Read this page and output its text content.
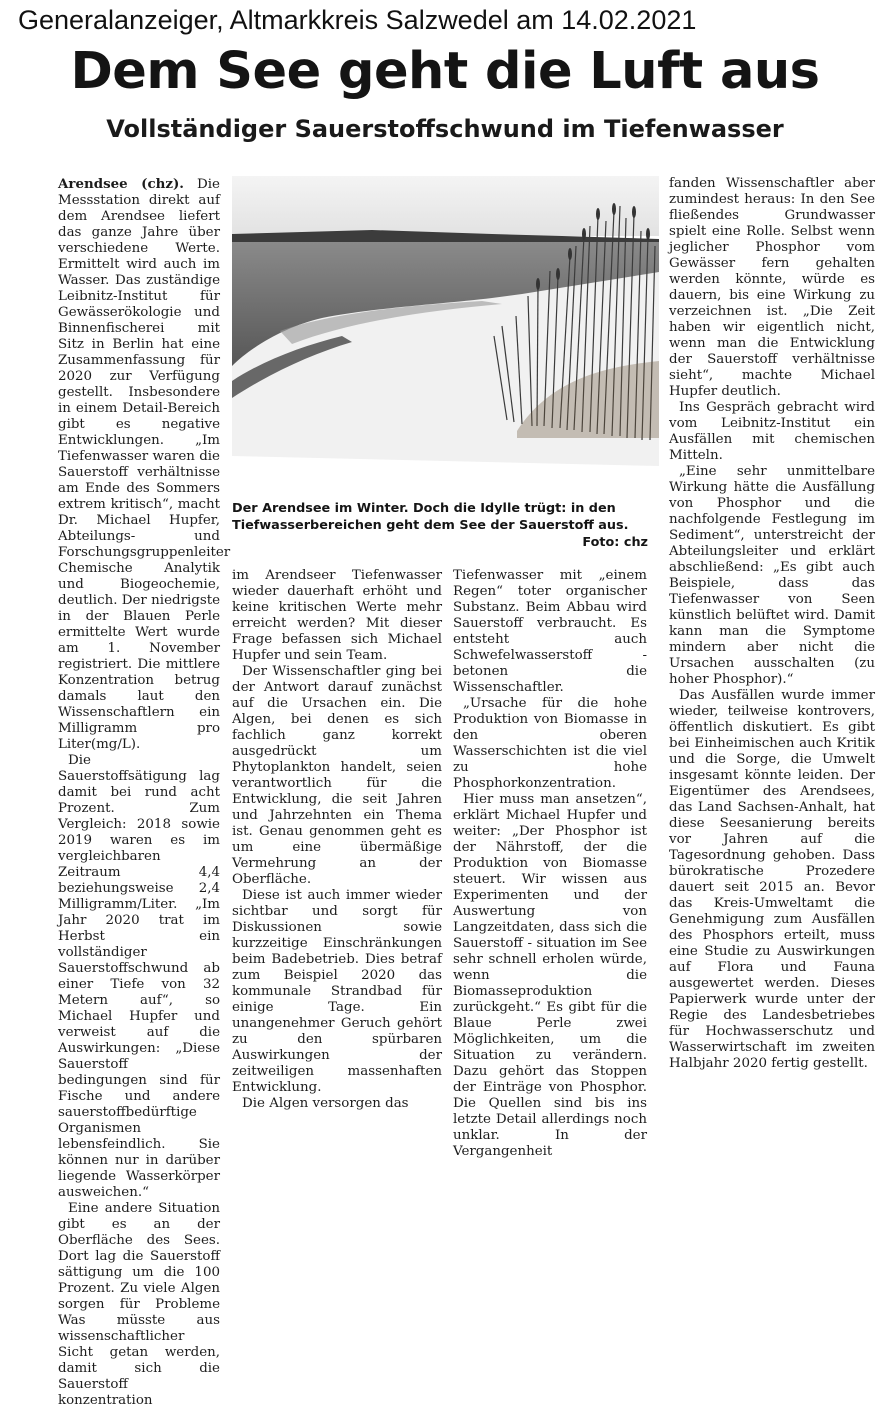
Generalanzeiger, Altmarkkreis Salzwedel am 14.02.2021
Dem See geht die Luft aus
Vollständiger Sauerstoffschwund im Tiefenwasser

Arendsee (chz). Die Messstation direkt auf dem Arendsee liefert das ganze Jahre über verschiedene Werte. Ermittelt wird auch im Wasser. Das zuständige Leibnitz-Institut für Gewässerökologie und Binnenfischerei mit Sitz in Berlin hat eine Zusammenfassung für 2020 zur Verfügung gestellt. Insbesondere in einem Detail-Bereich gibt es negative Entwicklungen. „Im Tiefenwasser waren die Sauerstoff verhältnisse am Ende des Sommers extrem kritisch“, macht Dr. Michael Hupfer, Abteilungs- und Forschungsgruppenleiter Chemische Analytik und Biogeochemie, deutlich. Der niedrigste in der Blauen Perle ermittelte Wert wurde am 1. November registriert. Die mittlere Konzentration betrug damals laut den Wissenschaftlern ein Milligramm pro Liter(mg/L).

Die Sauerstoffsätigung lag damit bei rund acht Prozent. Zum Vergleich: 2018 sowie 2019 waren es im vergleichbaren Zeitraum 4,4 beziehungsweise 2,4 Milligramm/Liter. „Im Jahr 2020 trat im Herbst ein vollständiger Sauerstoffschwund ab einer Tiefe von 32 Metern auf“, so Michael Hupfer und verweist auf die Auswirkungen: „Diese Sauerstoff bedingungen sind für Fische und andere sauerstoffbedürftige Organismen lebensfeindlich. Sie können nur in darüber liegende Wasserkörper ausweichen.“

Eine andere Situation gibt es an der Oberfläche des Sees. Dort lag die Sauerstoff sättigung um die 100 Prozent. Zu viele Algen sorgen für Probleme Was müsste aus wissenschaftlicher Sicht getan werden, damit sich die Sauerstoff konzentration

Der Arendsee im Winter. Doch die Idylle trügt: in den Tiefwasserbereichen geht dem See der Sauerstoff aus.
Foto: chz

im Arendseer Tiefenwasser wieder dauerhaft erhöht und keine kritischen Werte mehr erreicht werden? Mit dieser Frage befassen sich Michael Hupfer und sein Team.

Der Wissenschaftler ging bei der Antwort darauf zunächst auf die Ursachen ein. Die Algen, bei denen es sich fachlich ganz korrekt ausgedrückt um Phytoplankton handelt, seien verantwortlich für die Entwicklung, die seit Jahren und Jahrzehnten ein Thema ist. Genau genommen geht es um eine übermäßige Vermehrung an der Oberfläche.

Diese ist auch immer wieder sichtbar und sorgt für Diskussionen sowie kurzzeitige Einschränkungen beim Badebetrieb. Dies betraf zum Beispiel 2020 das kommunale Strandbad für einige Tage. Ein unangenehmer Geruch gehört zu den spürbaren Auswirkungen der zeitweiligen massenhaften Entwicklung.

Die Algen versorgen das

Tiefenwasser mit „einem Regen“ toter organischer Substanz. Beim Abbau wird Sauerstoff verbraucht. Es entsteht auch Schwefelwasserstoff - betonen die Wissenschaftler.

„Ursache für die hohe Produktion von Biomasse in den oberen Wasserschichten ist die viel zu hohe Phosphorkonzentration.

Hier muss man ansetzen“, erklärt Michael Hupfer und weiter: „Der Phosphor ist der Nährstoff, der die Produktion von Biomasse steuert. Wir wissen aus Experimenten und der Auswertung von Langzeitdaten, dass sich die Sauerstoff - situation im See sehr schnell erholen würde, wenn die Biomasseproduktion zurückgeht.“ Es gibt für die Blaue Perle zwei Möglichkeiten, um die Situation zu verändern. Dazu gehört das Stoppen der Einträge von Phosphor. Die Quellen sind bis ins letzte Detail allerdings noch unklar. In der Vergangenheit

fanden Wissenschaftler aber zumindest heraus: In den See fließendes Grundwasser spielt eine Rolle. Selbst wenn jeglicher Phosphor vom Gewässer fern gehalten werden könnte, würde es dauern, bis eine Wirkung zu verzeichnen ist. „Die Zeit haben wir eigentlich nicht, wenn man die Entwicklung der Sauerstoff verhältnisse sieht“, machte Michael Hupfer deutlich.

Ins Gespräch gebracht wird vom Leibnitz-Institut ein Ausfällen mit chemischen Mitteln.

„Eine sehr unmittelbare Wirkung hätte die Ausfällung von Phosphor und die nachfolgende Festlegung im Sediment“, unterstreicht der Abteilungsleiter und erklärt abschließend: „Es gibt auch Beispiele, dass das Tiefenwasser von Seen künstlich belüftet wird. Damit kann man die Symptome mindern aber nicht die Ursachen ausschalten (zu hoher Phosphor).“

Das Ausfällen wurde immer wieder, teilweise kontrovers, öffentlich diskutiert. Es gibt bei Einheimischen auch Kritik und die Sorge, die Umwelt insgesamt könnte leiden. Der Eigentümer des Arendsees, das Land Sachsen-Anhalt, hat diese Seesanierung bereits vor Jahren auf die Tagesordnung gehoben. Dass bürokratische Prozedere dauert seit 2015 an. Bevor das Kreis-Umweltamt die Genehmigung zum Ausfällen des Phosphors erteilt, muss eine Studie zu Auswirkungen auf Flora und Fauna ausgewertet werden. Dieses Papierwerk wurde unter der Regie des Landesbetriebes für Hochwasserschutz und Wasserwirtschaft im zweiten Halbjahr 2020 fertig gestellt.
